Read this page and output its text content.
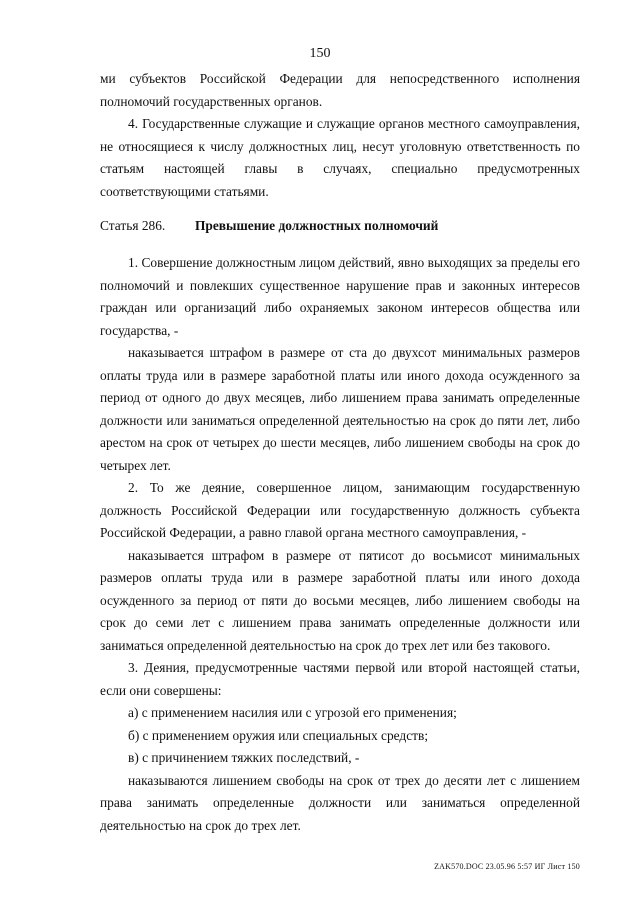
150

ми субъектов Российской Федерации для непосредственного исполнения полномочий государственных органов.

4. Государственные служащие и служащие органов местного самоуправления, не относящиеся к числу должностных лиц, несут уголовную ответственность по статьям настоящей главы в случаях, специально предусмотренных соответствующими статьями.

Статья 286. Превышение должностных полномочий

1. Совершение должностным лицом действий, явно выходящих за пределы его полномочий и повлекших существенное нарушение прав и законных интересов граждан или организаций либо охраняемых законом интересов общества или государства, -

наказывается штрафом в размере от ста до двухсот минимальных размеров оплаты труда или в размере заработной платы или иного дохода осужденного за период от одного до двух месяцев, либо лишением права занимать определенные должности или заниматься определенной деятельностью на срок до пяти лет, либо арестом на срок от четырех до шести месяцев, либо лишением свободы на срок до четырех лет.

2. То же деяние, совершенное лицом, занимающим государственную должность Российской Федерации или государственную должность субъекта Российской Федерации, а равно главой органа местного самоуправления, -

наказывается штрафом в размере от пятисот до восьмисот минимальных размеров оплаты труда или в размере заработной платы или иного дохода осужденного за период от пяти до восьми месяцев, либо лишением свободы на срок до семи лет с лишением права занимать определенные должности или заниматься определенной деятельностью на срок до трех лет или без такового.

3. Деяния, предусмотренные частями первой или второй настоящей статьи, если они совершены:

а) с применением насилия или с угрозой его применения;

б) с применением оружия или специальных средств;

в) с причинением тяжких последствий, -

наказываются лишением свободы на срок от трех до десяти лет с лишением права занимать определенные должности или заниматься определенной деятельностью на срок до трех лет.

ZAK570.DOC 23.05.96 5:57 ИГ Лист 150
